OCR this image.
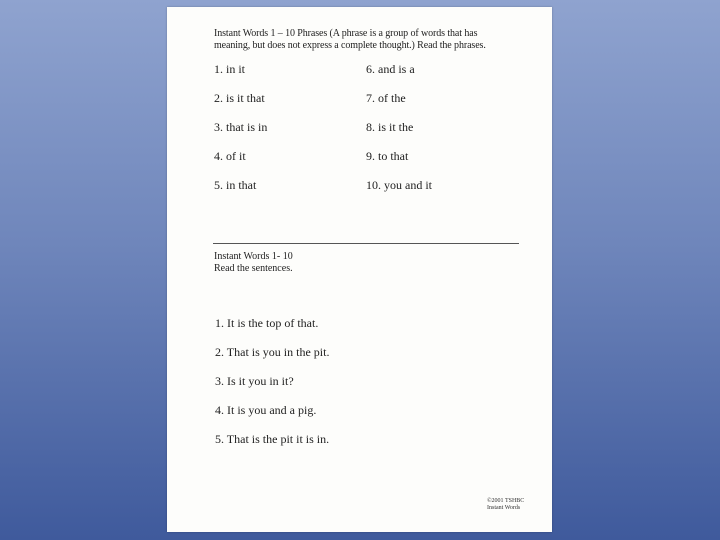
Instant Words 1 – 10 Phrases (A phrase is a group of words that has
meaning, but does not express a complete thought.) Read the phrases.
1. in it
2. is it that
3. that is in
4. of it
5. in that
6. and is a
7. of the
8. is it the
9. to that
10. you and it
Instant Words 1- 10
Read the sentences.
1. It is the top of that.
2. That is you in the pit.
3. Is it you in it?
4. It is you and a pig.
5. That is the pit it is in.
©2001 TSHBC
Instant Words
